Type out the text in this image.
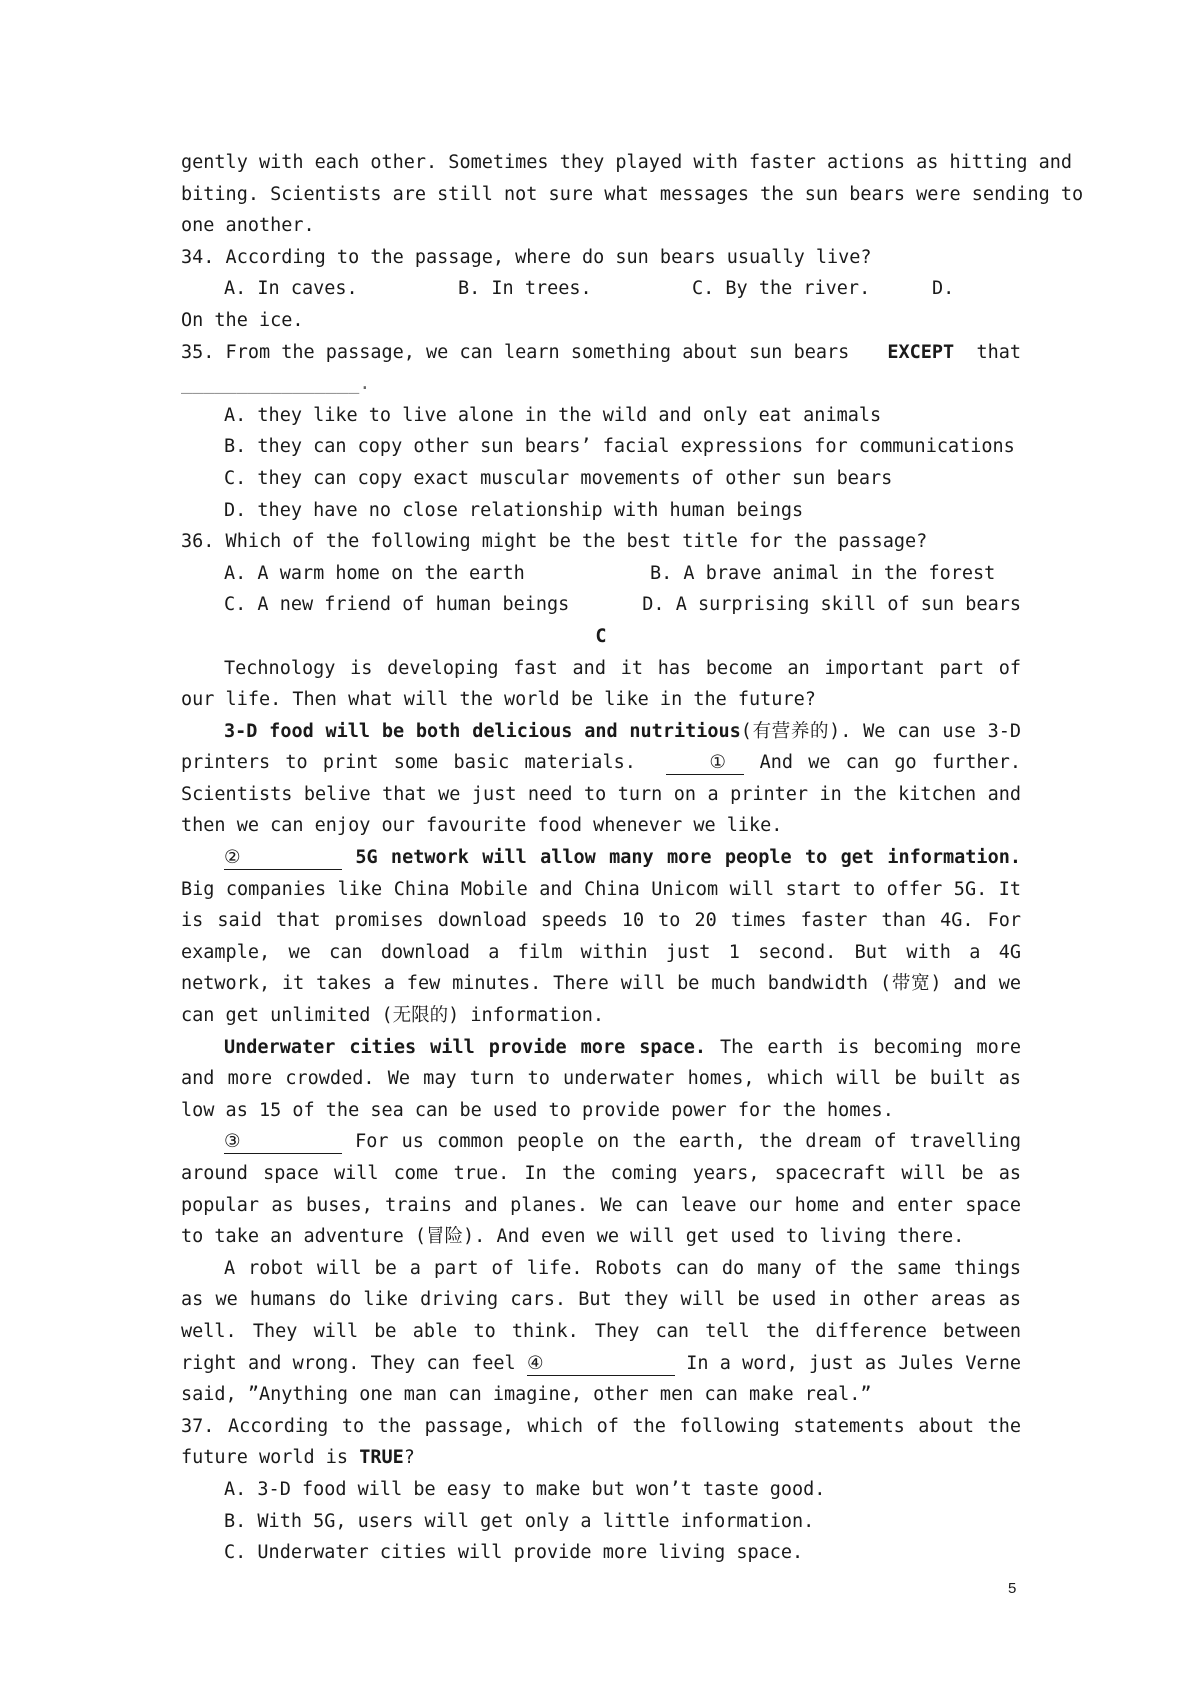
gently with each other. Sometimes they played with faster actions as hitting and
biting. Scientists are still not sure what messages the sun bears were sending to
one another.
34. According to the passage, where do sun bears usually live?
A. In caves.	B. In trees.	C. By the river.	D.
On the ice.
35. From the passage, we can learn something about sun bears EXCEPT that
________________.
A. they like to live alone in the wild and only eat animals
B. they can copy other sun bears’ facial expressions for communications
C. they can copy exact muscular movements of other sun bears
D. they have no close relationship with human beings
36. Which of the following might be the best title for the passage?
A. A warm home on the earth	B. A brave animal in the forest
C. A new friend of human beings	D. A surprising skill of sun bears
C
Technology is developing fast and it has become an important part of our life. Then what will the world be like in the future?
3-D food will be both delicious and nutritious(有营养的). We can use 3-D printers to print some basic materials.	① And we can go further. Scientists belive that we just need to turn on a printer in the kitchen and then we can enjoy our favourite food whenever we like.
②	5G network will allow many more people to get information. Big companies like China Mobile and China Unicom will start to offer 5G. It is said that promises download speeds 10 to 20 times faster than 4G. For example, we can download a film within just 1 second. But with a 4G network, it takes a few minutes. There will be much bandwidth (带宽) and we can get unlimited (无限的) information.
Underwater cities will provide more space. The earth is becoming more and more crowded. We may turn to underwater homes, which will be built as low as 15 of the sea can be used to provide power for the homes.
③	For us common people on the earth, the dream of travelling around space will come true. In the coming years, spacecraft will be as popular as buses, trains and planes. We can leave our home and enter space to take an adventure (冒险). And even we will get used to living there.
A robot will be a part of life. Robots can do many of the same things as we humans do like driving cars. But they will be used in other areas as well. They will be able to think. They can tell the difference between right and wrong. They can feel ④	In a word, just as Jules Verne said, ”Anything one man can imagine, other men can make real.”
37. According to the passage, which of the following statements about the future world is TRUE?
A. 3-D food will be easy to make but won’t taste good.
B. With 5G, users will get only a little information.
C. Underwater cities will provide more living space.
5
